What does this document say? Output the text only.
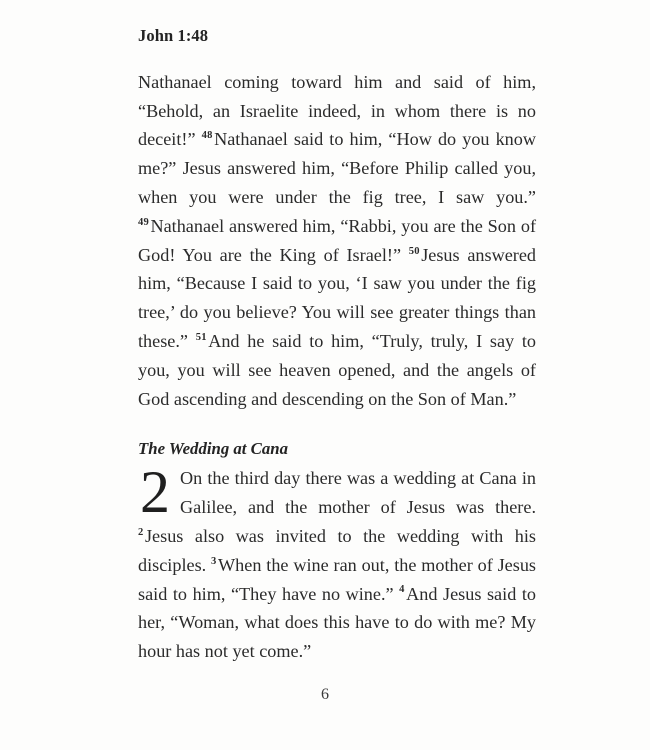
John 1:48

Nathanael coming toward him and said of him, “Behold, an Israelite indeed, in whom there is no deceit!” $^{48}$Nathanael said to him, “How do you know me?” Jesus answered him, “Before Philip called you, when you were under the fig tree, I saw you.” $^{49}$Nathanael answered him, “Rabbi, you are the Son of God! You are the King of Israel!” $^{50}$Jesus answered him, “Because I said to you, ‘I saw you under the fig tree,’ do you believe? You will see greater things than these.” $^{51}$And he said to him, “Truly, truly, I say to you, you will see heaven opened, and the angels of God ascending and descending on the Son of Man.”

The Wedding at Cana
2 On the third day there was a wedding at Cana in Galilee, and the mother of Jesus was there. $^2$Jesus also was invited to the wedding with his disciples. $^3$When the wine ran out, the mother of Jesus said to him, “They have no wine.” $^4$And Jesus said to her, “Woman, what does this have to do with me? My hour has not yet come.”

6
